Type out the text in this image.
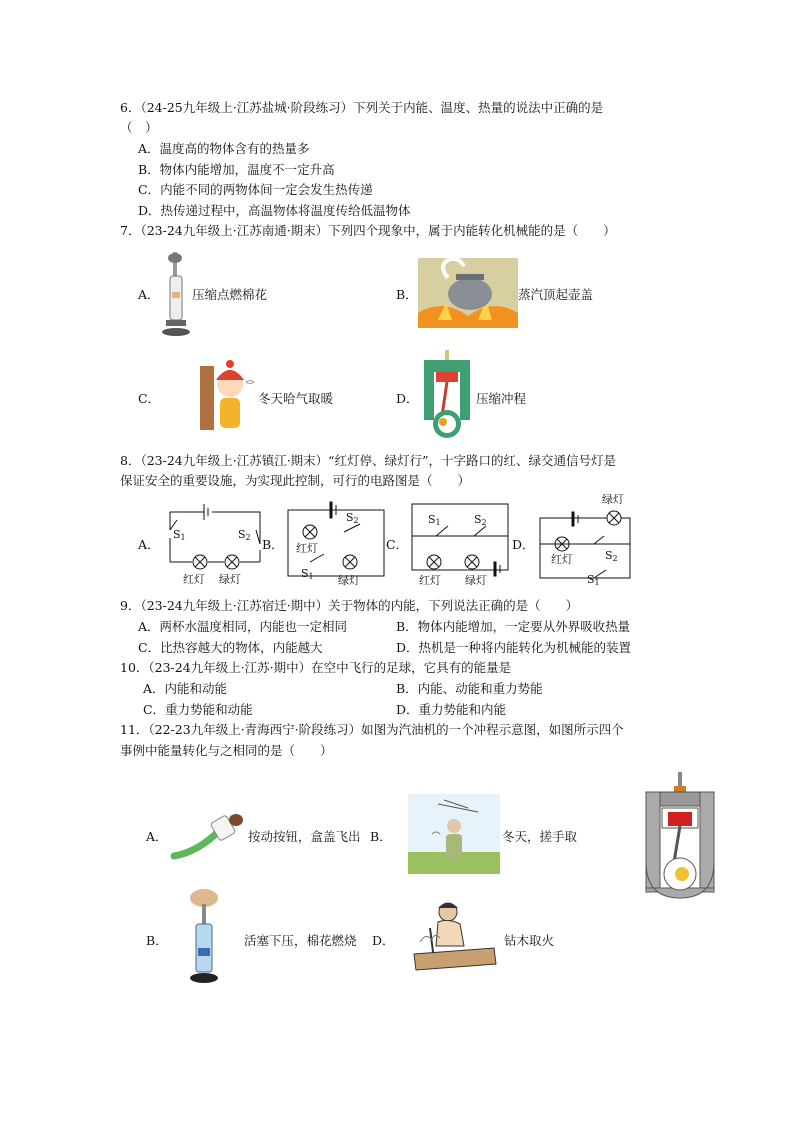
6．（24-25九年级上·江苏盐城·阶段练习）下列关于内能、温度、热量的说法中正确的是
（　）
A．温度高的物体含有的热量多
B．物体内能增加，温度不一定升高
C．内能不同的两物体间一定会发生热传递
D．热传递过程中，高温物体将温度传给低温物体
7．（23-24九年级上·江苏南通·期末）下列四个现象中，属于内能转化机械能的是（　　）
A．	压缩点燃棉花	B．	蒸汽顶起壶盖
C．	冬天哈气取暖	D．	压缩冲程
8．（23-24九年级上·江苏镇江·期末）“红灯停、绿灯行”，十字路口的红、绿交通信号灯是
保证安全的重要设施，为实现此控制，可行的电路图是（　　）
A．
$S_1$	$S_2$
红灯 绿灯
B．
$S_2$
红灯
$S_1$ 绿灯
C．
$S_1$	$S_2$
红灯 绿灯
D．
绿灯
$S_2$
红灯
$S_1$
9．（23-24九年级上·江苏宿迁·期中）关于物体的内能，下列说法正确的是（　　）
A．两杯水温度相同，内能也一定相同	B．物体内能增加，一定要从外界吸收热量
C．比热容越大的物体，内能越大	D．热机是一种将内能转化为机械能的装置
10．（23-24九年级上·江苏·期中）在空中飞行的足球，它具有的能量是
A．内能和动能	B．内能、动能和重力势能
C．重力势能和动能	D．重力势能和内能
11．（22-23九年级上·青海西宁·阶段练习）如图为汽油机的一个冲程示意图，如图所示四个
事例中能量转化与之相同的是（　　）
A．	按动按钮，盒盖飞出 B．	冬天，搓手取
B．	活塞下压，棉花燃烧 D．	钻木取火
